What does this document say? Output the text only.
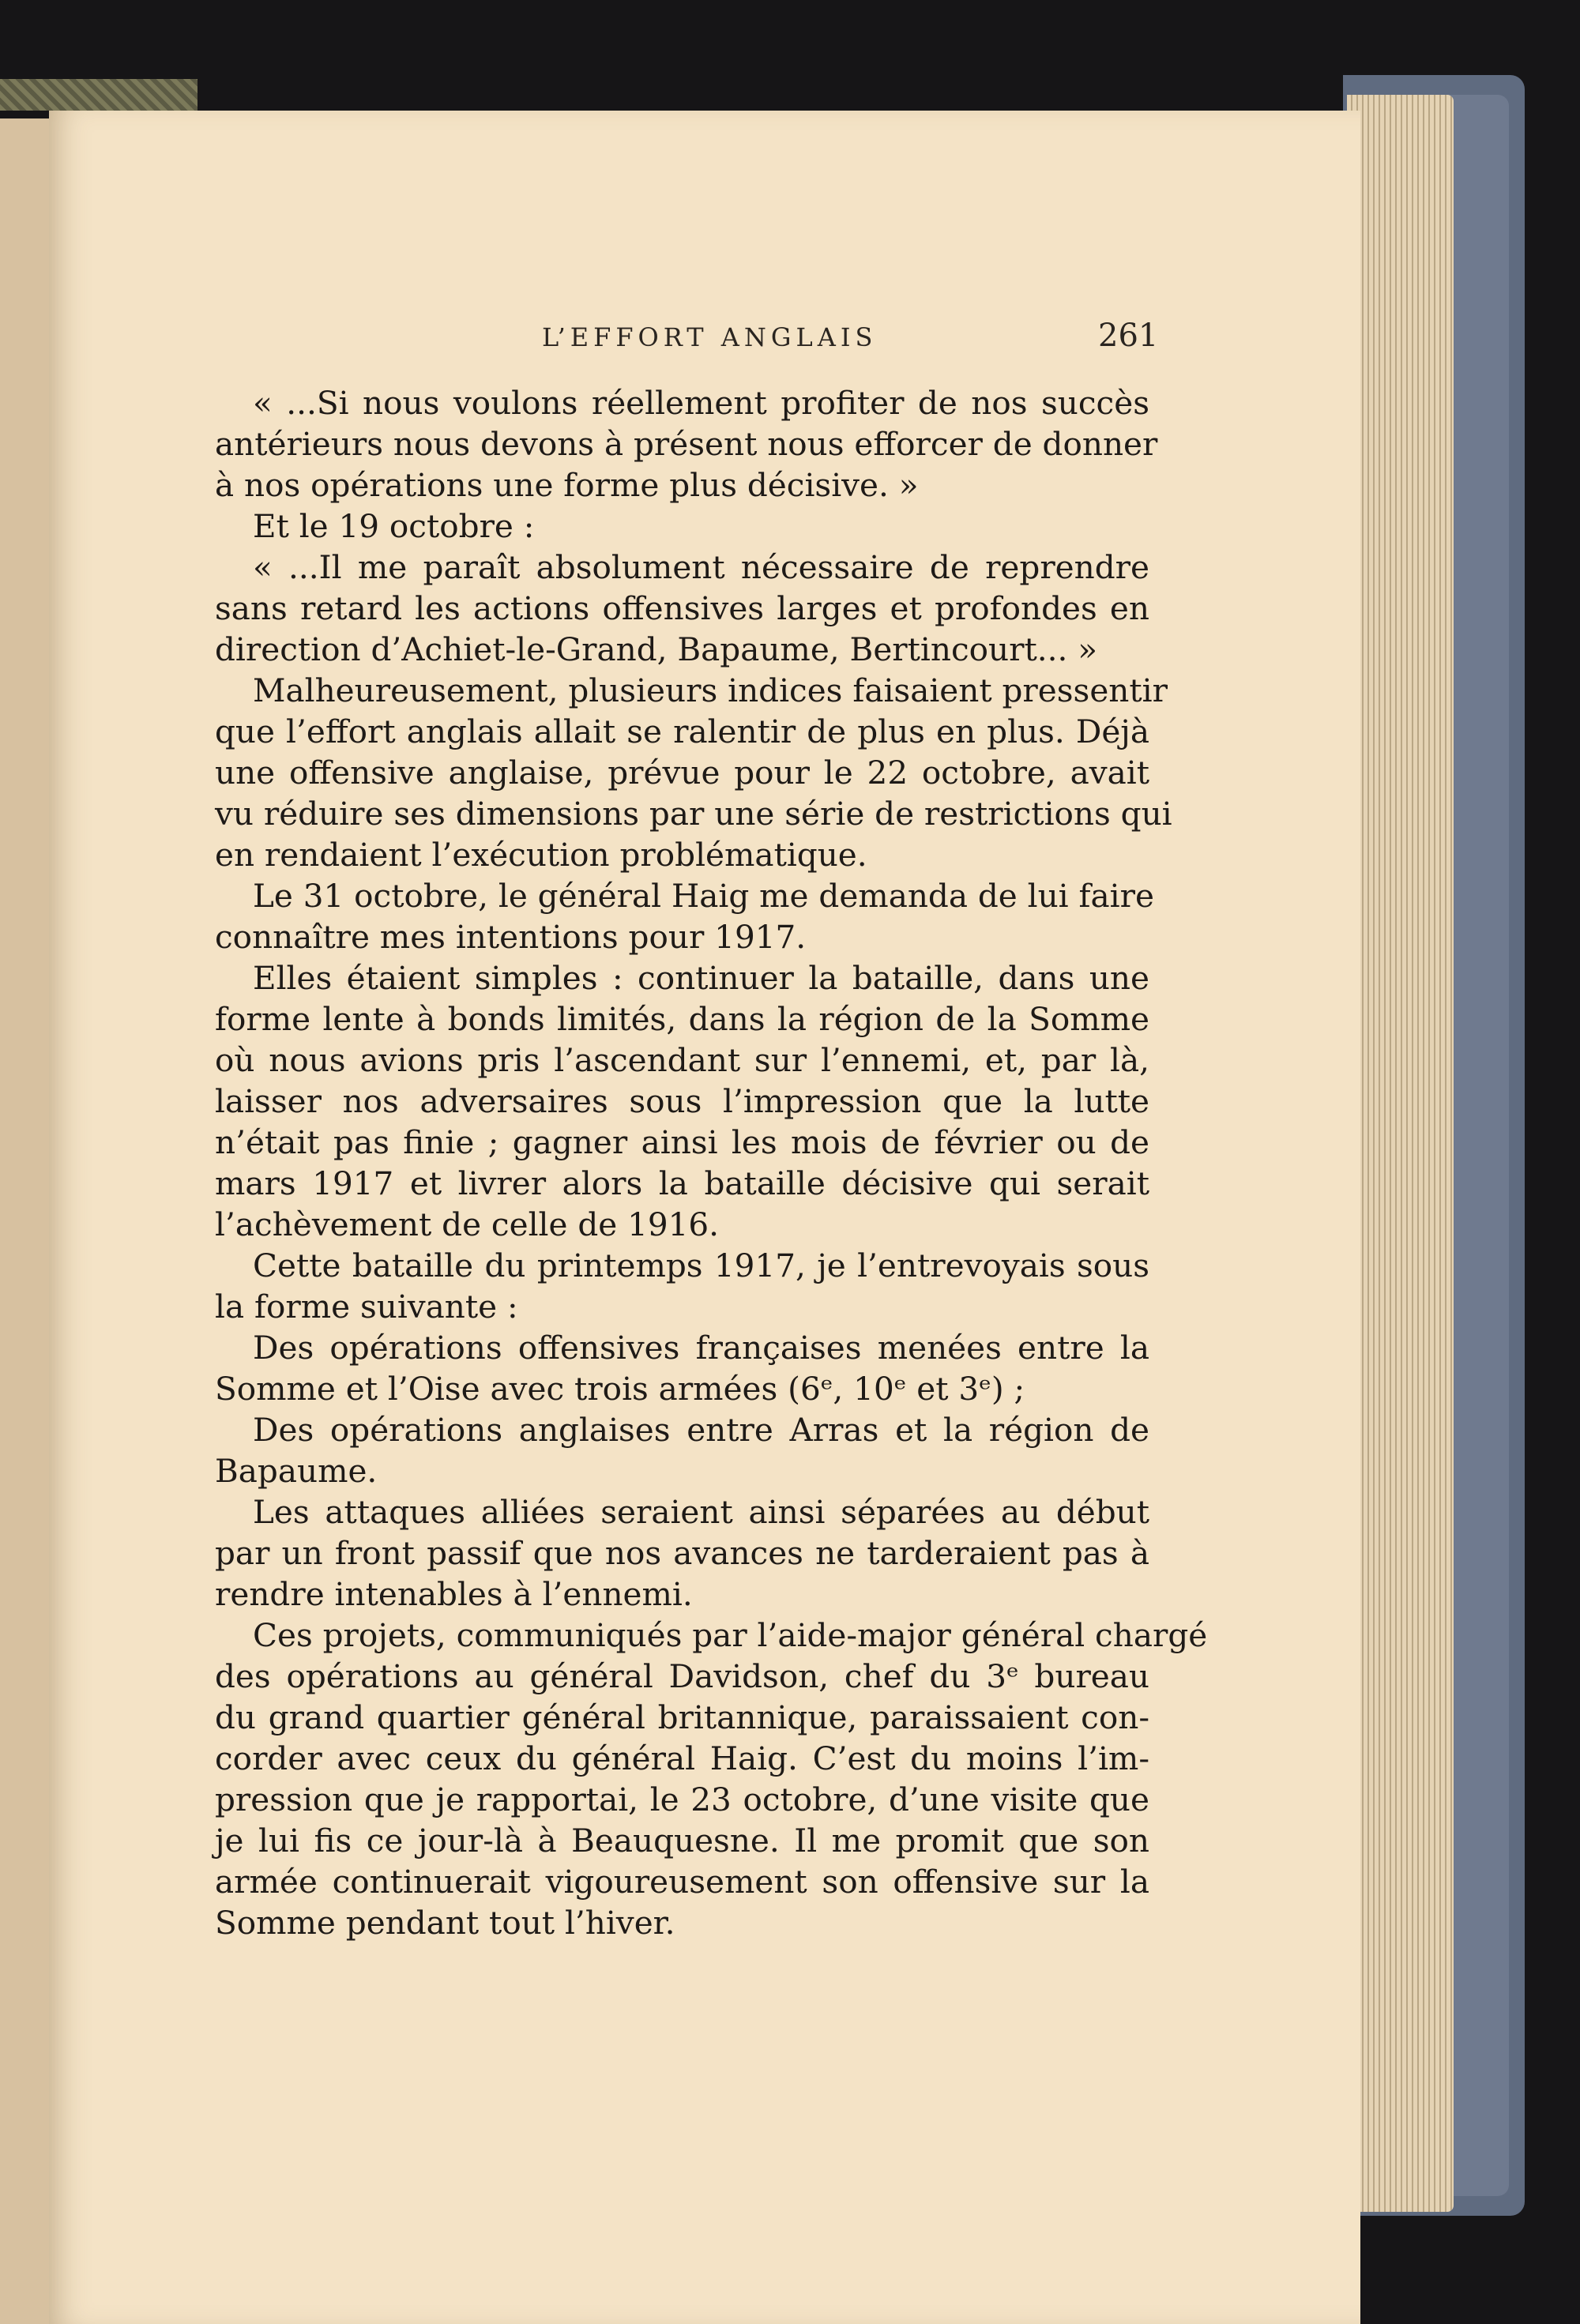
L’EFFORT ANGLAIS	261
« ...Si nous voulons réellement profiter de nos succès
antérieurs nous devons à présent nous efforcer de donner
à nos opérations une forme plus décisive. »
Et le 19 octobre :
« ...Il me paraît absolument nécessaire de reprendre
sans retard les actions offensives larges et profondes en
direction d’Achiet-le-Grand, Bapaume, Bertincourt... »
Malheureusement, plusieurs indices faisaient pressentir
que l’effort anglais allait se ralentir de plus en plus. Déjà
une offensive anglaise, prévue pour le 22 octobre, avait
vu réduire ses dimensions par une série de restrictions qui
en rendaient l’exécution problématique.
Le 31 octobre, le général Haig me demanda de lui faire
connaître mes intentions pour 1917.
Elles étaient simples : continuer la bataille, dans une
forme lente à bonds limités, dans la région de la Somme
où nous avions pris l’ascendant sur l’ennemi, et, par là,
laisser nos adversaires sous l’impression que la lutte
n’était pas finie ; gagner ainsi les mois de février ou de
mars 1917 et livrer alors la bataille décisive qui serait
l’achèvement de celle de 1916.
Cette bataille du printemps 1917, je l’entrevoyais sous
la forme suivante :
Des opérations offensives françaises menées entre la
Somme et l’Oise avec trois armées (6ᵉ, 10ᵉ et 3ᵉ) ;
Des opérations anglaises entre Arras et la région de
Bapaume.
Les attaques alliées seraient ainsi séparées au début
par un front passif que nos avances ne tarderaient pas à
rendre intenables à l’ennemi.
Ces projets, communiqués par l’aide-major général chargé
des opérations au général Davidson, chef du 3ᵉ bureau
du grand quartier général britannique, paraissaient con-
corder avec ceux du général Haig. C’est du moins l’im-
pression que je rapportai, le 23 octobre, d’une visite que
je lui fis ce jour-là à Beauquesne. Il me promit que son
armée continuerait vigoureusement son offensive sur la
Somme pendant tout l’hiver.
